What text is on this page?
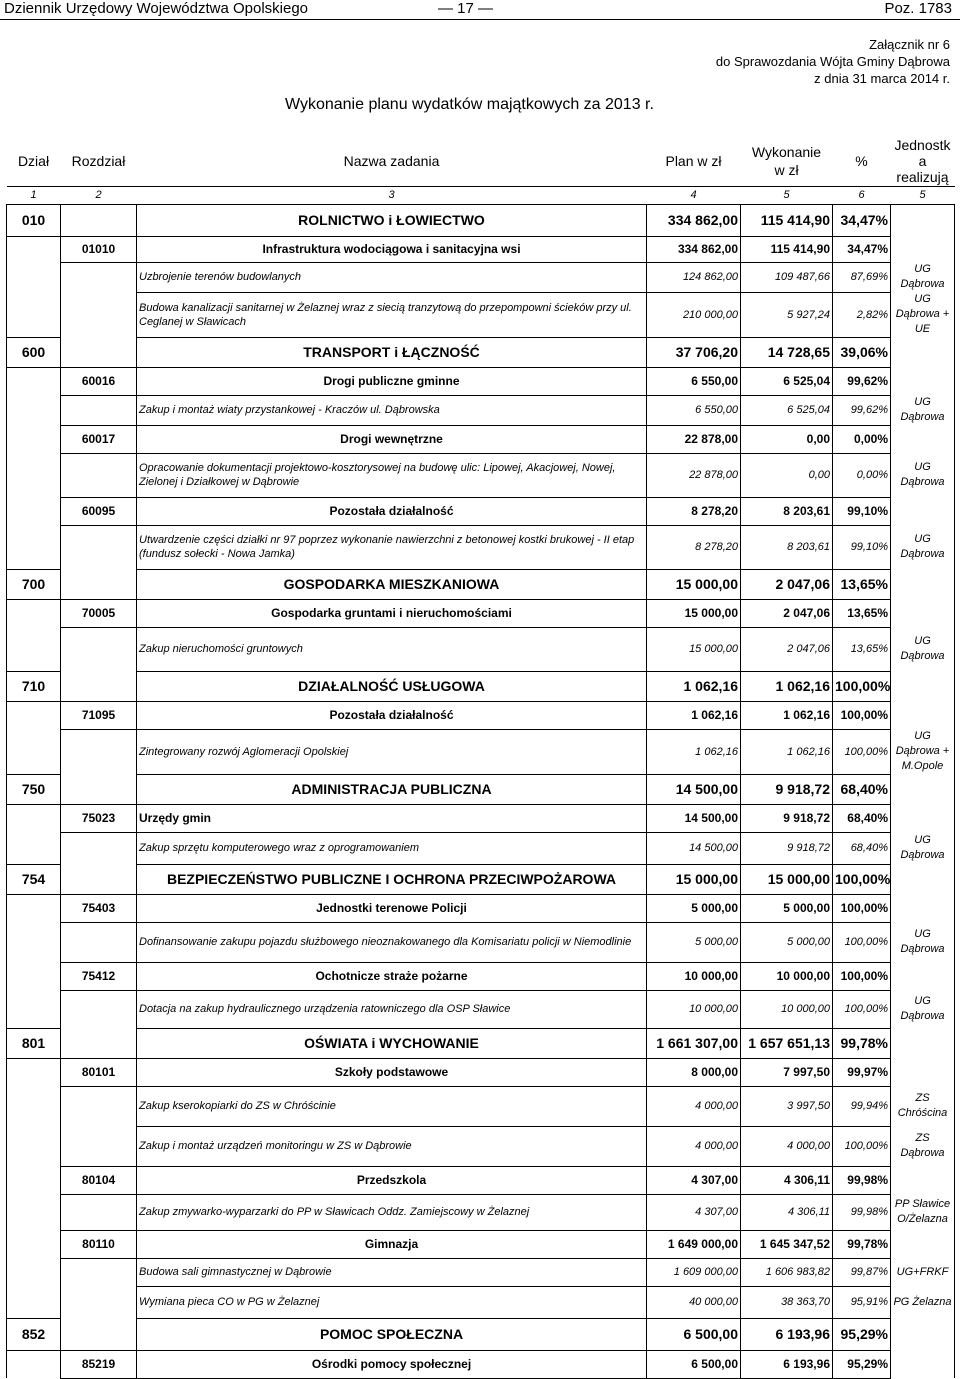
Dziennik Urzędowy Województwa Opolskiego	— 17 —	Poz. 1783
Załącznik nr 6
do Sprawozdania Wójta Gminy Dąbrowa
z dnia 31 marca 2014 r.
Wykonanie planu wydatków majątkowych za 2013 r.
Dział	Rozdział	Nazwa zadania	Plan w zł	Wykonanie
w zł	%	Jednostk
a
realizują
1	2	3	4	5	6	5
010		ROLNICTWO i ŁOWIECTWO	334 862,00	115 414,90	34,47%	
	01010	Infrastruktura wodociągowa i sanitacyjna wsi	334 862,00	115 414,90	34,47%	
		Uzbrojenie terenów budowlanych	124 862,00	109 487,66	87,69%	UG
Dąbrowa
		Budowa kanalizacji sanitarnej w Żelaznej wraz z siecią tranzytową do przepompowni ścieków przy ul. Ceglanej w Sławicach	210 000,00	5 927,24	2,82%	UG
Dąbrowa +
UE
600		TRANSPORT i ŁĄCZNOŚĆ	37 706,20	14 728,65	39,06%	
	60016	Drogi publiczne gminne	6 550,00	6 525,04	99,62%	
		Zakup i montaż wiaty przystankowej - Kraczów ul. Dąbrowska	6 550,00	6 525,04	99,62%	UG
Dąbrowa
	60017	Drogi wewnętrzne	22 878,00	0,00	0,00%	
		Opracowanie dokumentacji projektowo-kosztorysowej na budowę ulic: Lipowej, Akacjowej, Nowej, Zielonej i Działkowej w Dąbrowie	22 878,00	0,00	0,00%	UG
Dąbrowa
	60095	Pozostała działalność	8 278,20	8 203,61	99,10%	
		Utwardzenie części działki nr 97 poprzez wykonanie nawierzchni z betonowej kostki brukowej - II etap (fundusz sołecki - Nowa Jamka)	8 278,20	8 203,61	99,10%	UG
Dąbrowa
700		GOSPODARKA MIESZKANIOWA	15 000,00	2 047,06	13,65%	
	70005	Gospodarka gruntami i nieruchomościami	15 000,00	2 047,06	13,65%	
		Zakup nieruchomości gruntowych	15 000,00	2 047,06	13,65%	UG
Dąbrowa
710		DZIAŁALNOŚĆ USŁUGOWA	1 062,16	1 062,16	100,00%	
	71095	Pozostała działalność	1 062,16	1 062,16	100,00%	
		Zintegrowany rozwój Aglomeracji Opolskiej	1 062,16	1 062,16	100,00%	UG
Dąbrowa +
M.Opole
750		ADMINISTRACJA PUBLICZNA	14 500,00	9 918,72	68,40%	
	75023	Urzędy gmin	14 500,00	9 918,72	68,40%	
		Zakup sprzętu komputerowego wraz z oprogramowaniem	14 500,00	9 918,72	68,40%	UG
Dąbrowa
754		BEZPIECZEŃSTWO PUBLICZNE I OCHRONA PRZECIWPOŻAROWA	15 000,00	15 000,00	100,00%	
	75403	Jednostki terenowe Policji	5 000,00	5 000,00	100,00%	
		Dofinansowanie zakupu pojazdu służbowego nieoznakowanego dla Komisariatu policji w Niemodlinie	5 000,00	5 000,00	100,00%	UG
Dąbrowa
	75412	Ochotnicze straże pożarne	10 000,00	10 000,00	100,00%	
		Dotacja na zakup hydraulicznego urządzenia ratowniczego dla OSP Sławice	10 000,00	10 000,00	100,00%	UG
Dąbrowa
801		OŚWIATA i WYCHOWANIE	1 661 307,00	1 657 651,13	99,78%	
	80101	Szkoły podstawowe	8 000,00	7 997,50	99,97%	
		Zakup kserokopiarki do ZS w Chróścinie	4 000,00	3 997,50	99,94%	ZS
Chróścina
		Zakup i montaż urządzeń monitoringu w ZS w Dąbrowie	4 000,00	4 000,00	100,00%	ZS
Dąbrowa
	80104	Przedszkola	4 307,00	4 306,11	99,98%	
		Zakup zmywarko-wyparzarki do PP w Sławicach Oddz. Zamiejscowy w Żelaznej	4 307,00	4 306,11	99,98%	PP Sławice
O/Żelazna
	80110	Gimnazja	1 649 000,00	1 645 347,52	99,78%	
		Budowa sali gimnastycznej w Dąbrowie	1 609 000,00	1 606 983,82	99,87%	UG+FRKF
		Wymiana pieca CO w PG w Żelaznej	40 000,00	38 363,70	95,91%	PG Żelazna
852		POMOC SPOŁECZNA	6 500,00	6 193,96	95,29%	
	85219	Ośrodki pomocy społecznej	6 500,00	6 193,96	95,29%	
